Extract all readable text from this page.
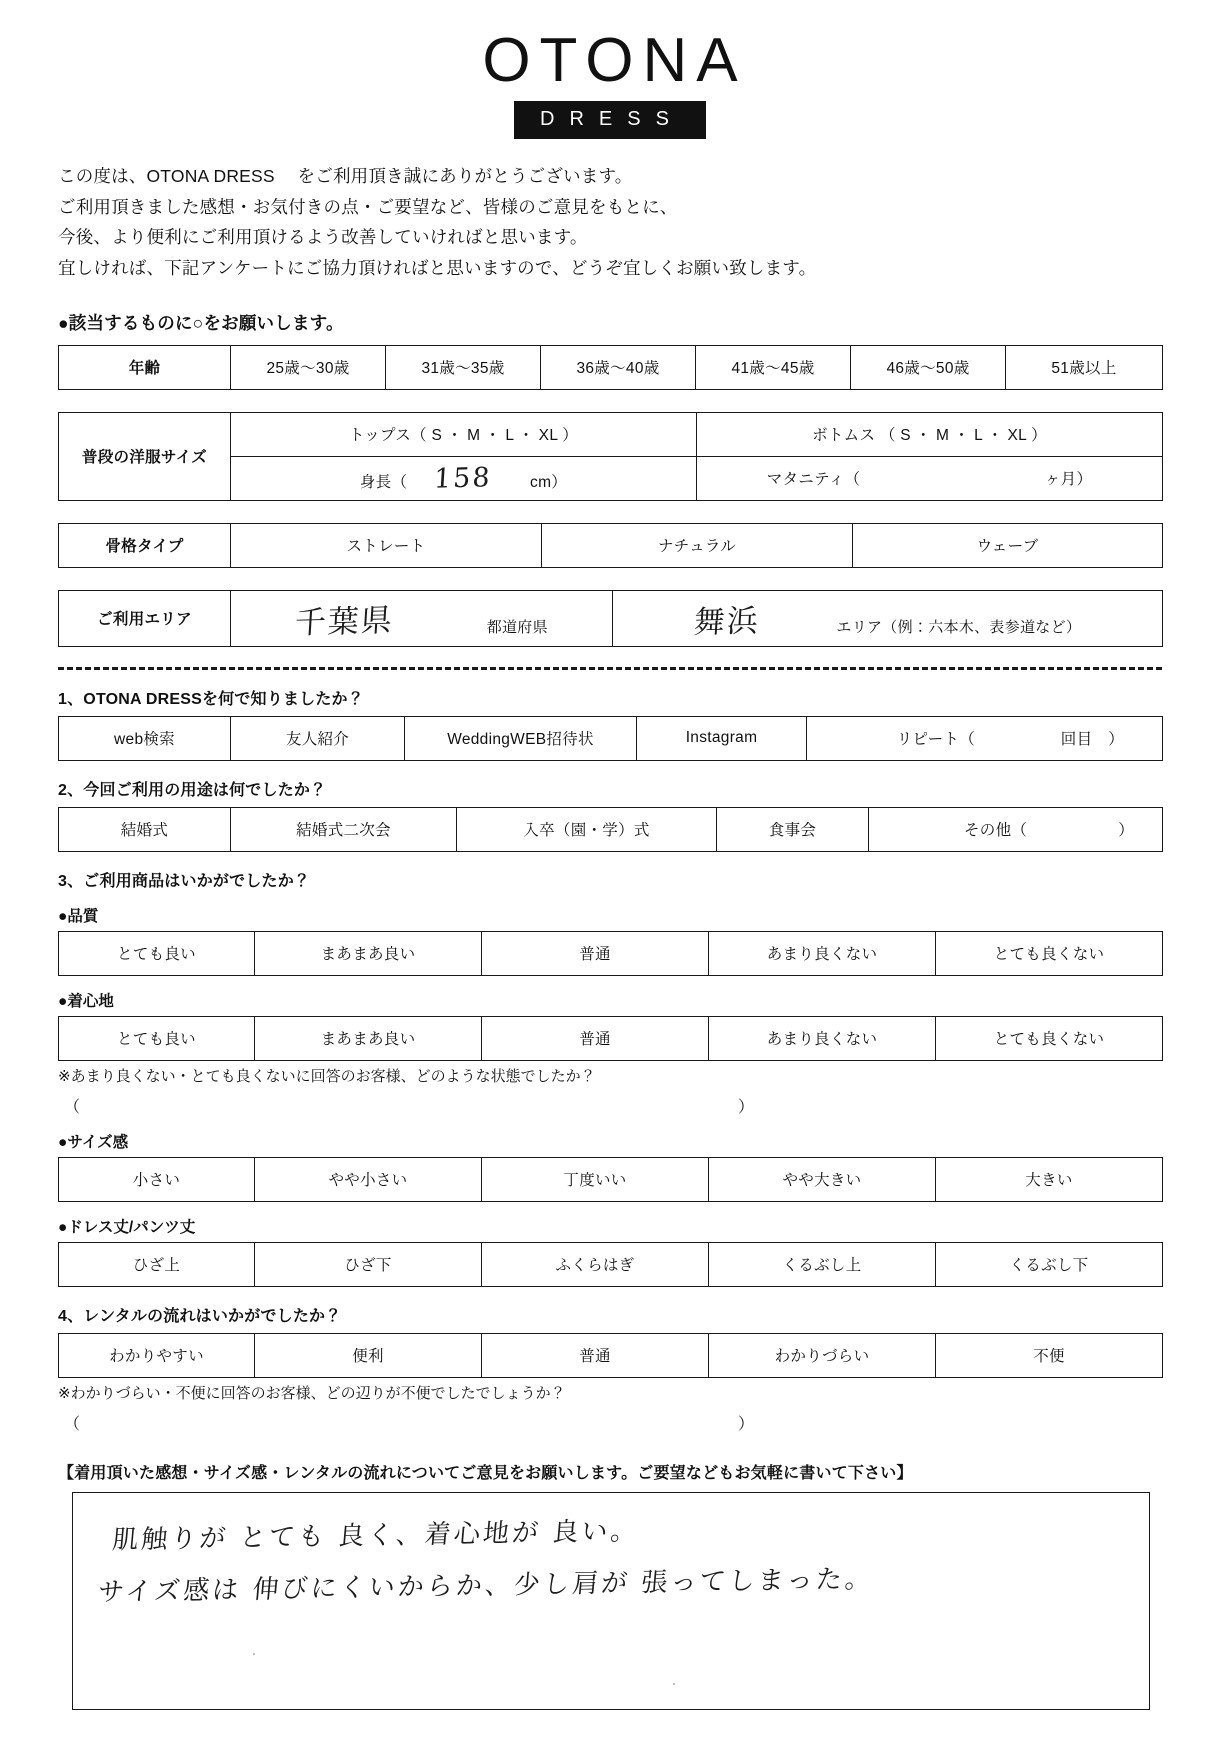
OTONA
DRESS
この度は、OTONA DRESS 　をご利用頂き誠にありがとうございます。
ご利用頂きました感想・お気付きの点・ご要望など、皆様のご意見をもとに、
今後、より便利にご利用頂けるよう改善していければと思います。
宜しければ、下記アンケートにご協力頂ければと思いますので、どうぞ宜しくお願い致します。
●該当するものに○をお願いします。
年齢	25歳〜30歳	31歳〜35歳	36歳〜40歳	41歳〜45歳	46歳〜50歳	51歳以上
普段の洋服サイズ	トップス（ S ・ M ・ L ・ XL ）	ボトムス （ S ・ M ・ L ・ XL ）
	身長（ 158 cm）	マタニティ（ ヶ月）
骨格タイプ	ストレート	ナチュラル	ウェーブ
ご利用エリア	千葉県	都道府県	舞浜	エリア（例：六本木、表参道など）
1、OTONA DRESSを何で知りましたか？
web検索	友人紹介	WeddingWEB招待状	Instagram	リピート（	回目　）
2、今回ご利用の用途は何でしたか？
結婚式	結婚式二次会	入卒（園・学）式	食事会	その他（	）
3、ご利用商品はいかがでしたか？
●品質
とても良い	まあまあ良い	普通	あまり良くない	とても良くない
●着心地
とても良い	まあまあ良い	普通	あまり良くない	とても良くない
※あまり良くない・とても良くないに回答のお客様、どのような状態でしたか？
（	）
●サイズ感
小さい	やや小さい	丁度いい	やや大きい	大きい
●ドレス丈/パンツ丈
ひざ上	ひざ下	ふくらはぎ	くるぶし上	くるぶし下
4、レンタルの流れはいかがでしたか？
わかりやすい	便利	普通	わかりづらい	不便
※わかりづらい・不便に回答のお客様、どの辺りが不便でしたでしょうか？
（	）
【着用頂いた感想・サイズ感・レンタルの流れについてご意見をお願いします。ご要望などもお気軽に書いて下さい】
肌触りが とても 良く、着心地が 良い。
サイズ感は 伸びにくいからか、少し肩が 張ってしまった。
